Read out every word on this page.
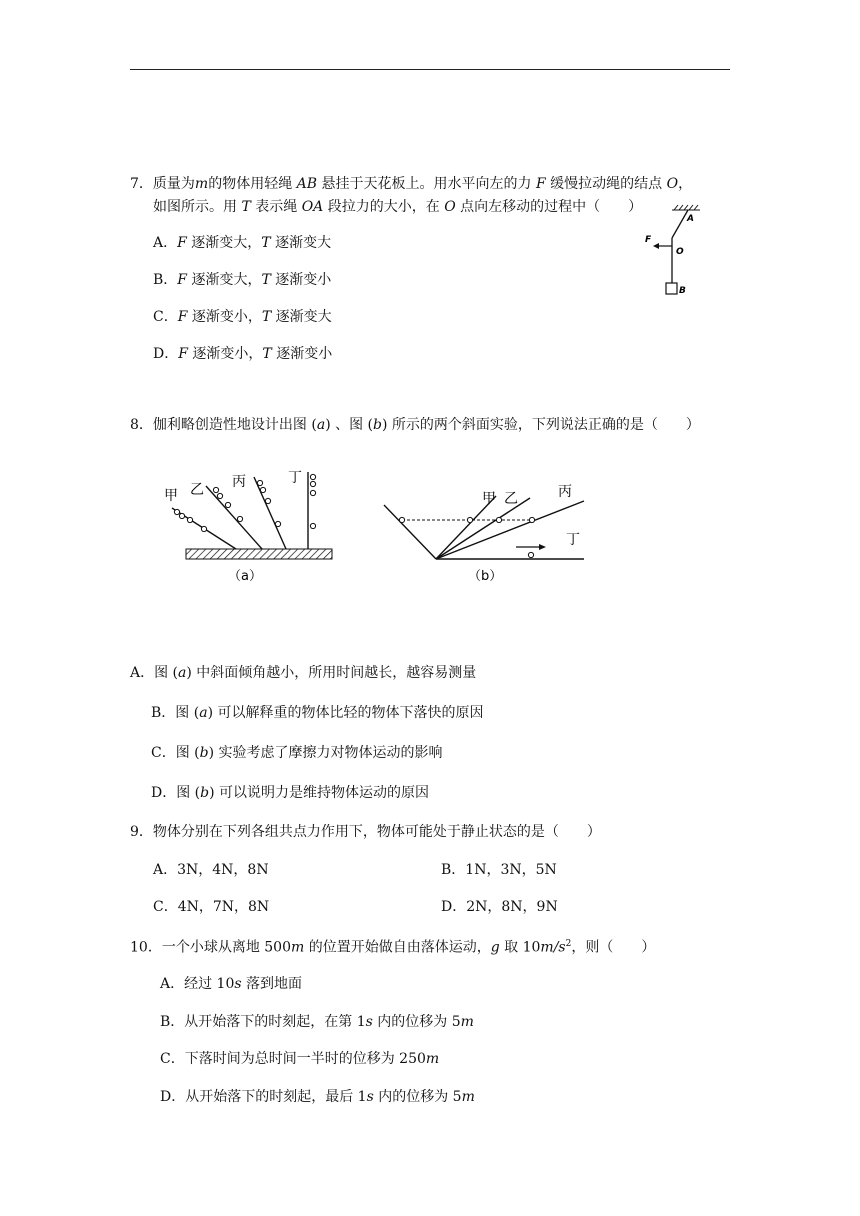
7．质量为m的物体用轻绳 AB 悬挂于天花板上。用水平向左的力 F 缓慢拉动绳的结点 O，
如图所示。用 T 表示绳 OA 段拉力的大小，在 O 点向左移动的过程中（　　）
A．F 逐渐变大，T 逐渐变大
B．F 逐渐变大，T 逐渐变小
C．F 逐渐变小，T 逐渐变大
D．F 逐渐变小，T 逐渐变小
A
O
F
B
8．伽利略创造性地设计出图 (a) 、图 (b) 所示的两个斜面实验，下列说法正确的是（　　）
甲 乙 丙	丁
（a）
甲 乙	丙
丁
（b）
A．图 (a) 中斜面倾角越小，所用时间越长，越容易测量
B．图 (a) 可以解释重的物体比轻的物体下落快的原因
C．图 (b) 实验考虑了摩擦力对物体运动的影响
D．图 (b) 可以说明力是维持物体运动的原因
9．物体分别在下列各组共点力作用下，物体可能处于静止状态的是（　　）
A．3N，4N，8N	B．1N，3N，5N
C．4N，7N，8N	D．2N，8N，9N
10．一个小球从离地 500m 的位置开始做自由落体运动，g 取 $10m/s^2$，则（　　）
A．经过 10s 落到地面
B．从开始落下的时刻起，在第 1s 内的位移为 5m
C．下落时间为总时间一半时的位移为 250m
D．从开始落下的时刻起，最后 1s 内的位移为 5m
